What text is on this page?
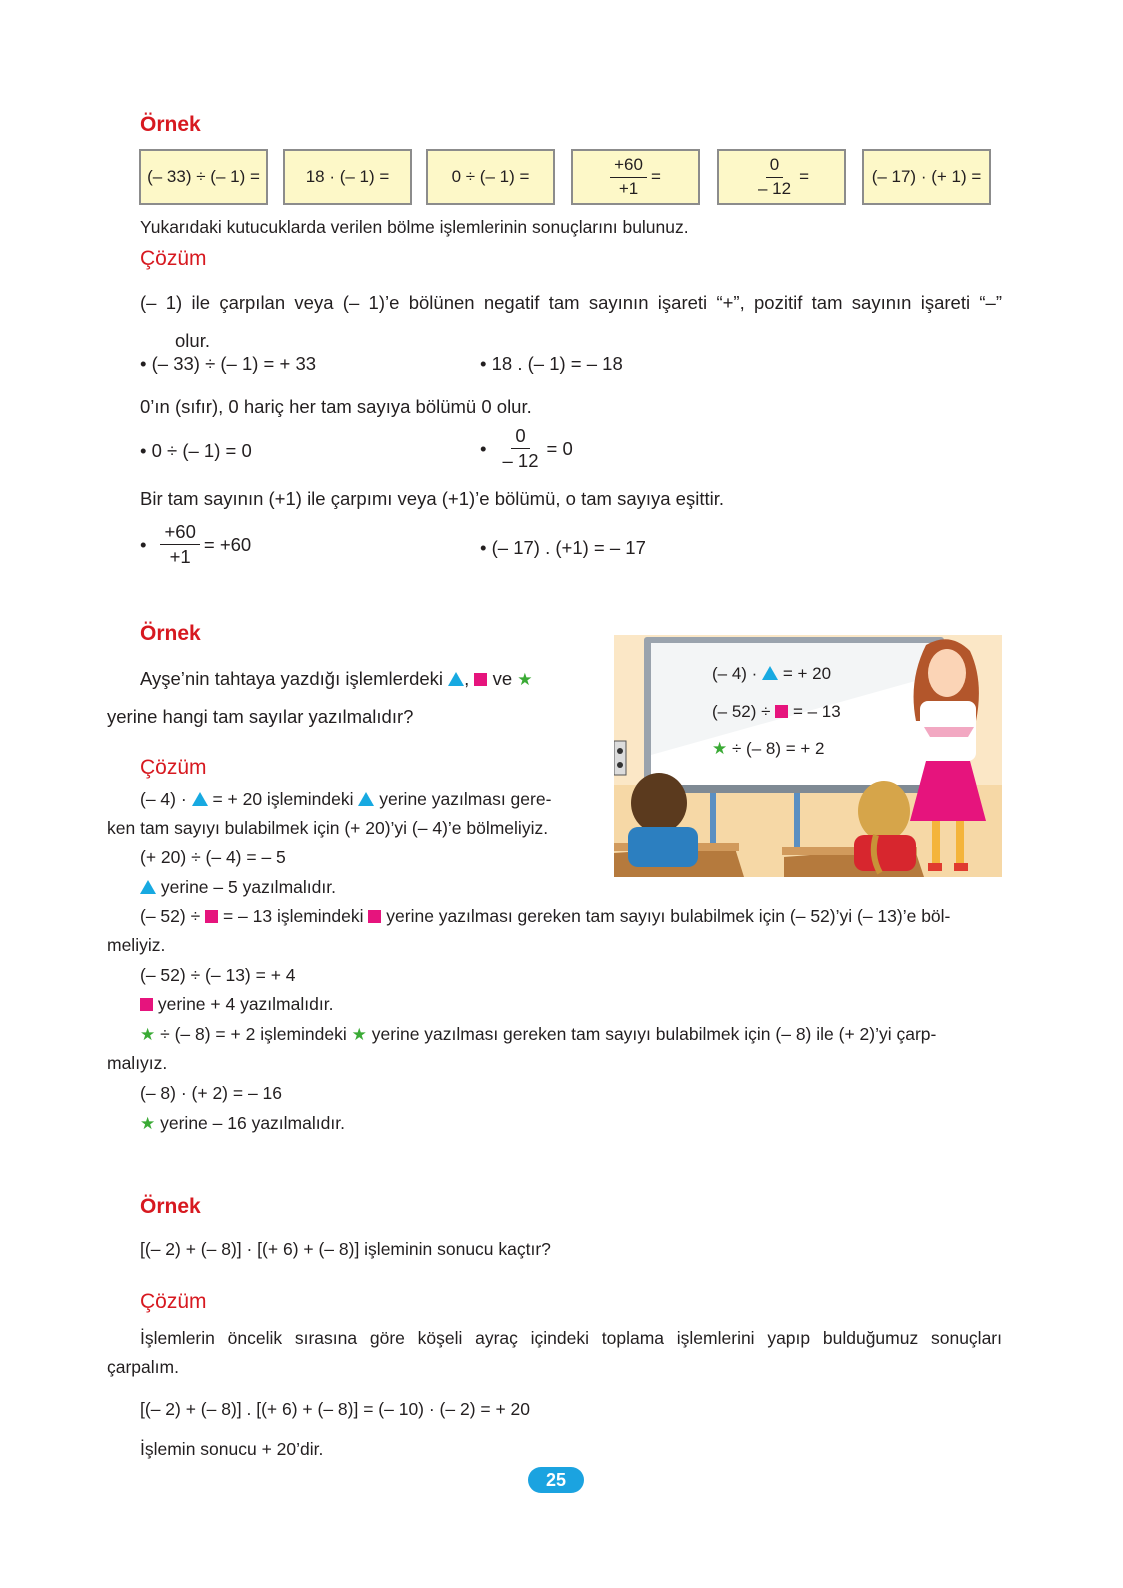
Örnek
(– 33) ÷ (– 1) =	18 · (– 1) =	0 ÷ (– 1) =	$\frac{+60}{+1}$ =	$\frac{0}{- 12}$ =	(– 17) · (+ 1) =
Yukarıdaki kutucuklarda verilen bölme işlemlerinin sonuçlarını bulunuz.
Çözüm
(– 1) ile çarpılan veya (– 1)’e bölünen negatif tam sayının işareti “+”, pozitif tam sayının işareti “–”
olur.
• (– 33) ÷ (– 1) = + 33	• 18 . (– 1) = – 18
0’ın (sıfır), 0 hariç her tam sayıya bölümü 0 olur.
• 0 ÷ (– 1) = 0	• $\frac{0}{- 12} = 0$
Bir tam sayının (+1) ile çarpımı veya (+1)’e bölümü, o tam sayıya eşittir.
• $\frac{+60}{+1} = +60$	• (– 17) . (+1) = – 17
Örnek
Ayşe’nin tahtaya yazdığı işlemlerdeki , ve ★
yerine hangi tam sayılar yazılmalıdır?
(– 4) · = + 20
(– 52) ÷ = – 13
★ ÷ (– 8) = + 2
Çözüm
(– 4) · = + 20 işlemindeki yerine yazılması gere-
ken tam sayıyı bulabilmek için (+ 20)’yi (– 4)’e bölmeliyiz.
(+ 20) ÷ (– 4) = – 5
yerine – 5 yazılmalıdır.
(– 52) ÷ = – 13 işlemindeki yerine yazılması gereken tam sayıyı bulabilmek için (– 52)’yi (– 13)’e böl-
meliyiz.
(– 52) ÷ (– 13) = + 4
yerine + 4 yazılmalıdır.
★ ÷ (– 8) = + 2 işlemindeki ★ yerine yazılması gereken tam sayıyı bulabilmek için (– 8) ile (+ 2)’yi çarp-
malıyız.
(– 8) · (+ 2) = – 16
★ yerine – 16 yazılmalıdır.
Örnek
[(– 2) + (– 8)] · [(+ 6) + (– 8)] işleminin sonucu kaçtır?
Çözüm
İşlemlerin öncelik sırasına göre köşeli ayraç içindeki toplama işlemlerini yapıp bulduğumuz sonuçları
çarpalım.
[(– 2) + (– 8)] . [(+ 6) + (– 8)] = (– 10) · (– 2) = + 20
İşlemin sonucu + 20’dir.
25
